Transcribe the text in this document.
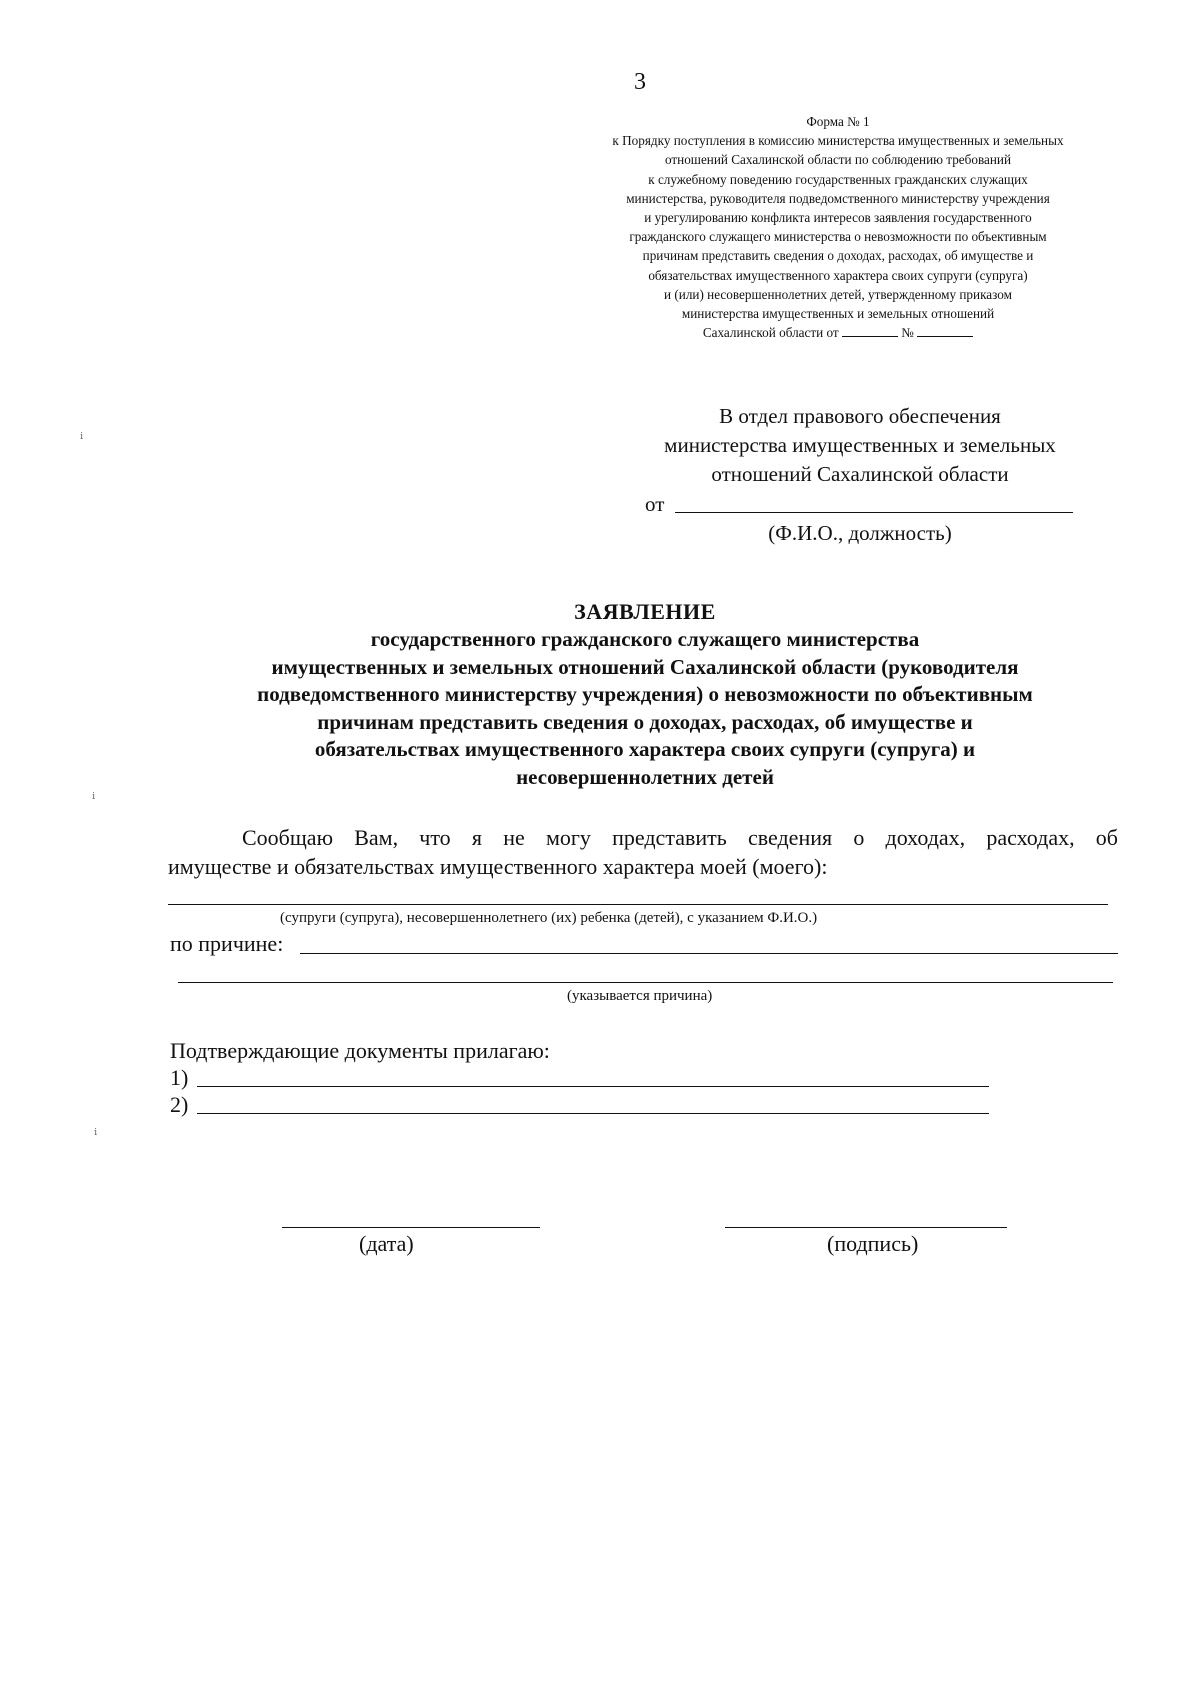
3
Форма № 1
к Порядку поступления в комиссию министерства имущественных и земельных
отношений Сахалинской области по соблюдению требований
к служебному поведению государственных гражданских служащих
министерства, руководителя подведомственного министерству учреждения
и урегулированию конфликта интересов заявления государственного
гражданского служащего министерства о невозможности по объективным
причинам представить сведения о доходах, расходах, об имуществе и
обязательствах имущественного характера своих супруги (супруга)
и (или) несовершеннолетних детей, утвержденному приказом
министерства имущественных и земельных отношений
Сахалинской области от	№
В отдел правового обеспечения
министерства имущественных и земельных
отношений Сахалинской области
от
(Ф.И.О., должность)
ЗАЯВЛЕНИЕ
государственного гражданского служащего министерства
имущественных и земельных отношений Сахалинской области (руководителя
подведомственного министерству учреждения) о невозможности по объективным
причинам представить сведения о доходах, расходах, об имуществе и
обязательствах имущественного характера своих супруги (супруга) и
несовершеннолетних детей
Сообщаю Вам, что я не могу представить сведения о доходах, расходах, об
имуществе и обязательствах имущественного характера моей (моего):
(супруги (супруга), несовершеннолетнего (их) ребенка (детей), с указанием Ф.И.О.)
по причине:
(указывается причина)
Подтверждающие документы прилагаю:
1)
2)
(дата)	(подпись)
ⁱ
ⁱ
ⁱ
